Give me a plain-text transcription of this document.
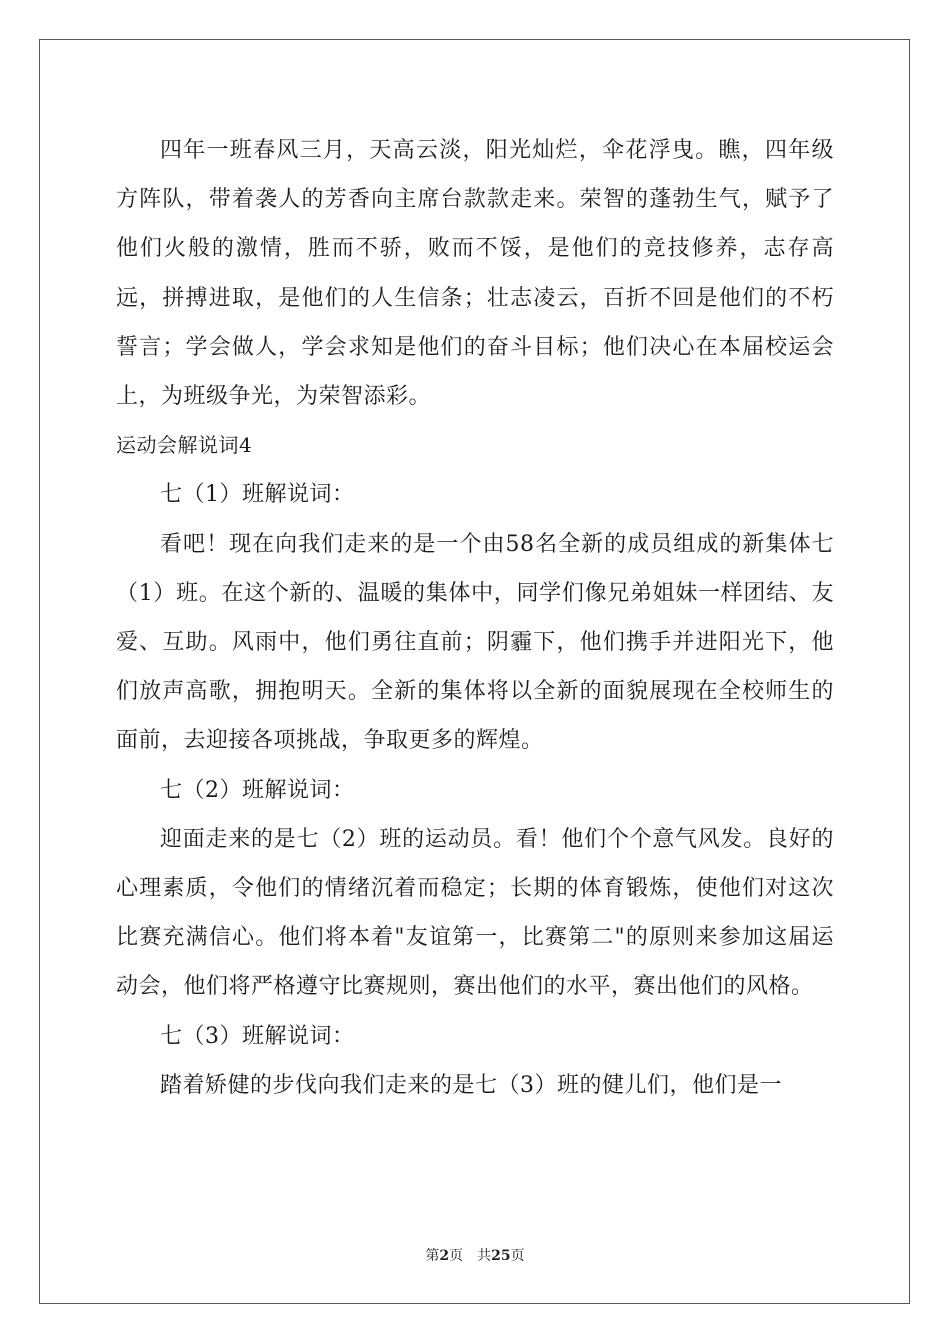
四年一班春风三月，天高云淡，阳光灿烂，伞花浮曳。瞧，四年级方阵队，带着袭人的芳香向主席台款款走来。荣智的蓬勃生气，赋予了他们火般的激情，胜而不骄，败而不馁，是他们的竞技修养，志存高远，拼搏进取，是他们的人生信条；壮志凌云，百折不回是他们的不朽誓言；学会做人，学会求知是他们的奋斗目标；他们决心在本届校运会上，为班级争光，为荣智添彩。

运动会解说词4

七（1）班解说词：

看吧！现在向我们走来的是一个由58名全新的成员组成的新集体七（1）班。在这个新的、温暖的集体中，同学们像兄弟姐妹一样团结、友爱、互助。风雨中，他们勇往直前；阴霾下，他们携手并进阳光下，他们放声高歌，拥抱明天。全新的集体将以全新的面貌展现在全校师生的面前，去迎接各项挑战，争取更多的辉煌。

七（2）班解说词：

迎面走来的是七（2）班的运动员。看！他们个个意气风发。良好的心理素质，令他们的情绪沉着而稳定；长期的体育锻炼，使他们对这次比赛充满信心。他们将本着"友谊第一，比赛第二"的原则来参加这届运动会，他们将严格遵守比赛规则，赛出他们的水平，赛出他们的风格。

七（3）班解说词：

踏着矫健的步伐向我们走来的是七（3）班的健儿们，他们是一

第2页　共25页
